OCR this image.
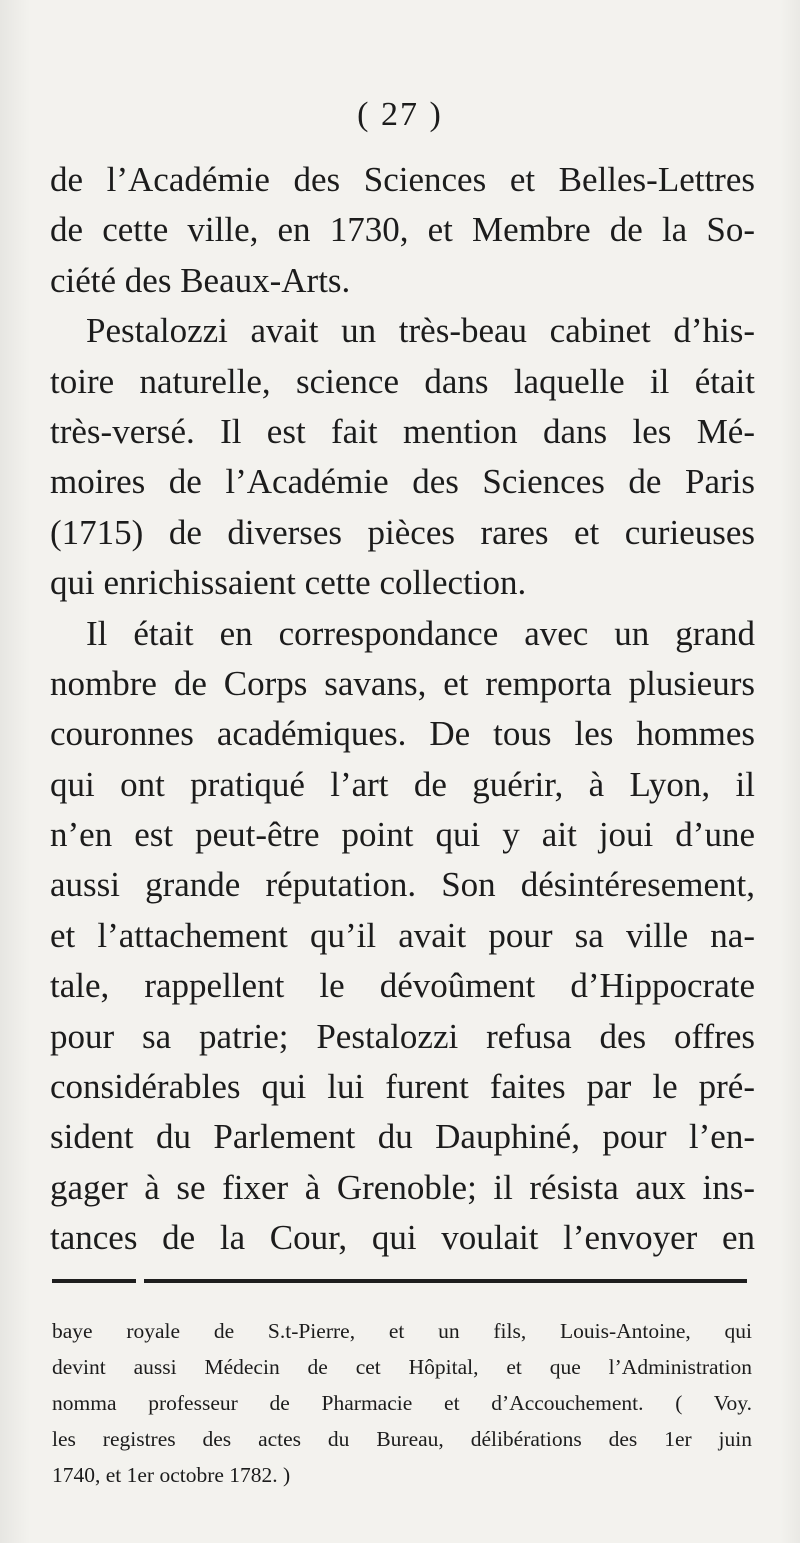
( 27 )
de l’Académie des Sciences et Belles-Lettres
de cette ville, en 1730, et Membre de la So-
ciété des Beaux-Arts.
Pestalozzi avait un très-beau cabinet d’his-
toire naturelle, science dans laquelle il était
très-versé. Il est fait mention dans les Mé-
moires de l’Académie des Sciences de Paris
(1715) de diverses pièces rares et curieuses
qui enrichissaient cette collection.
Il était en correspondance avec un grand
nombre de Corps savans, et remporta plusieurs
couronnes académiques. De tous les hommes
qui ont pratiqué l’art de guérir, à Lyon, il
n’en est peut-être point qui y ait joui d’une
aussi grande réputation. Son désintéresement,
et l’attachement qu’il avait pour sa ville na-
tale, rappellent le dévoûment d’Hippocrate
pour sa patrie; Pestalozzi refusa des offres
considérables qui lui furent faites par le pré-
sident du Parlement du Dauphiné, pour l’en-
gager à se fixer à Grenoble; il résista aux ins-
tances de la Cour, qui voulait l’envoyer en
baye royale de S.t-Pierre, et un fils, Louis-Antoine, qui
devint aussi Médecin de cet Hôpital, et que l’Administration
nomma professeur de Pharmacie et d’Accouchement. ( Voy.
les registres des actes du Bureau, délibérations des 1er juin
1740, et 1er octobre 1782. )
